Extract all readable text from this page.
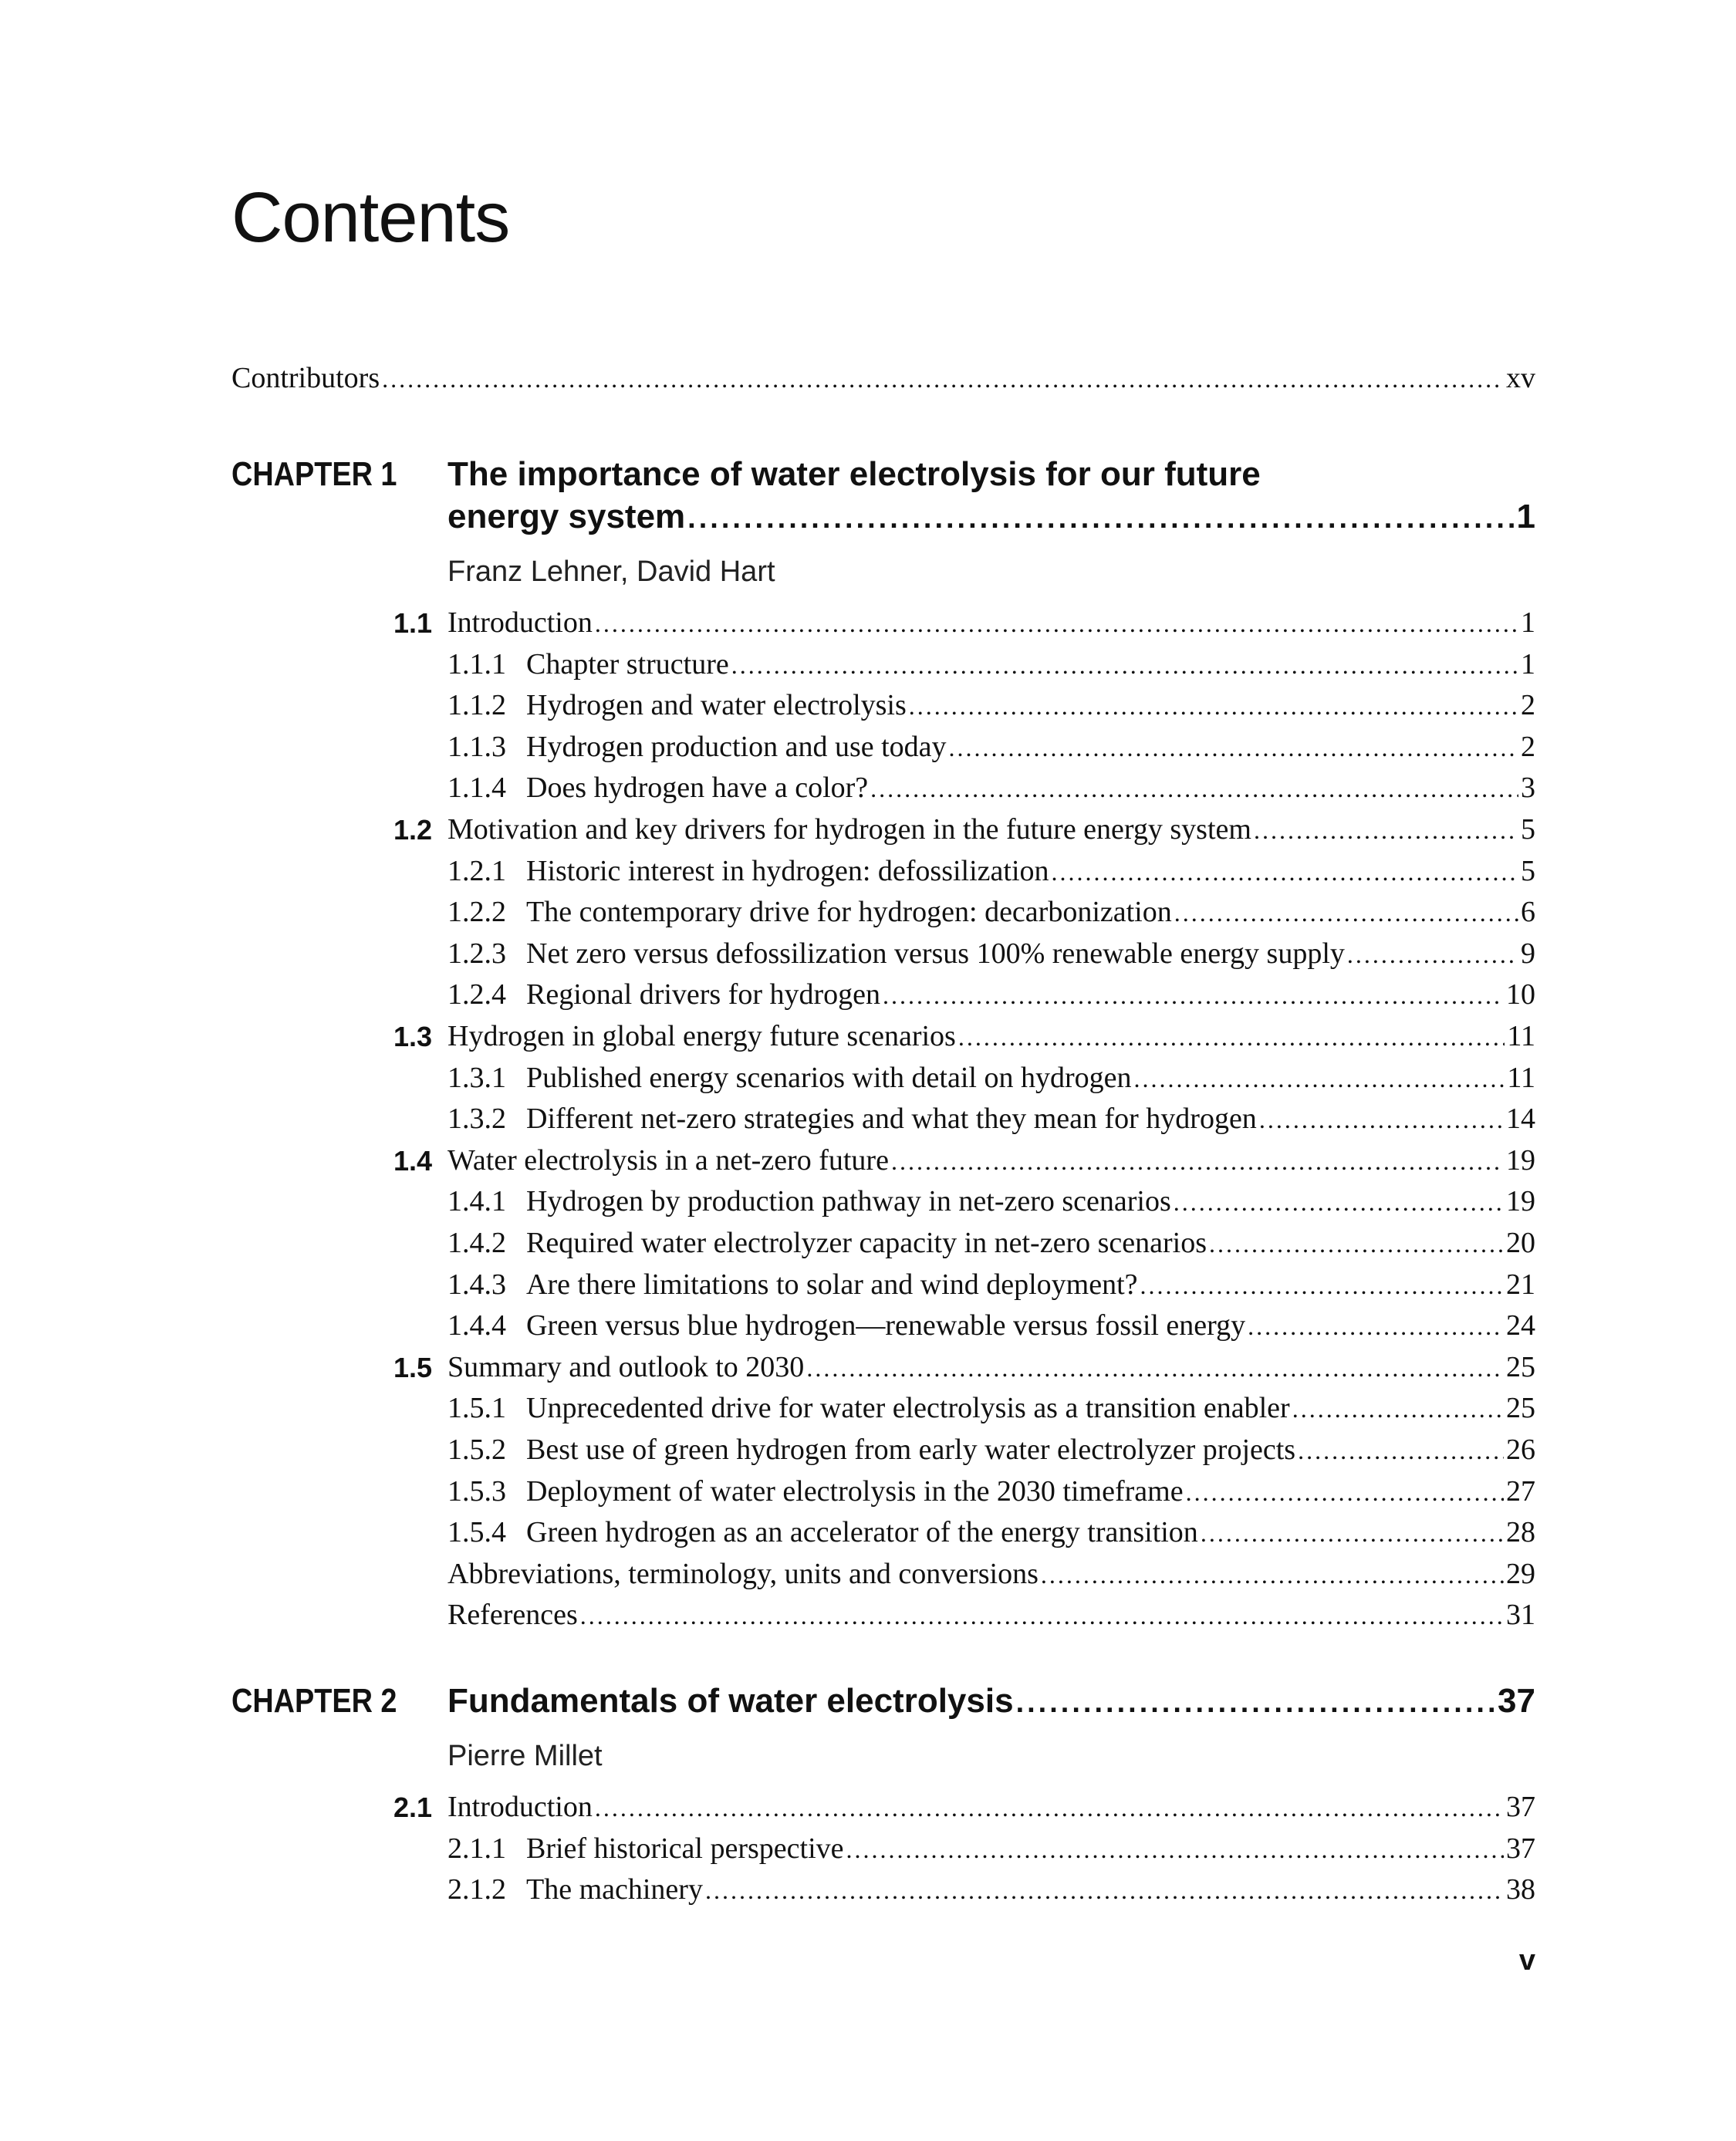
Contents
Contributors .....	xv
CHAPTER 1 The importance of water electrolysis for our future
energy system .....	1
Franz Lehner, David Hart
1.1 Introduction .....	1
1.1.1 Chapter structure .....	1
1.1.2 Hydrogen and water electrolysis .....	2
1.1.3 Hydrogen production and use today .....	2
1.1.4 Does hydrogen have a color? .....	3
1.2 Motivation and key drivers for hydrogen in the future energy system .....	5
1.2.1 Historic interest in hydrogen: defossilization .....	5
1.2.2 The contemporary drive for hydrogen: decarbonization .....	6
1.2.3 Net zero versus defossilization versus 100% renewable energy supply .....	9
1.2.4 Regional drivers for hydrogen .....	10
1.3 Hydrogen in global energy future scenarios .....	11
1.3.1 Published energy scenarios with detail on hydrogen .....	11
1.3.2 Different net-zero strategies and what they mean for hydrogen .....	14
1.4 Water electrolysis in a net-zero future .....	19
1.4.1 Hydrogen by production pathway in net-zero scenarios .....	19
1.4.2 Required water electrolyzer capacity in net-zero scenarios .....	20
1.4.3 Are there limitations to solar and wind deployment? .....	21
1.4.4 Green versus blue hydrogen—renewable versus fossil energy .....	24
1.5 Summary and outlook to 2030 .....	25
1.5.1 Unprecedented drive for water electrolysis as a transition enabler .....	25
1.5.2 Best use of green hydrogen from early water electrolyzer projects .....	26
1.5.3 Deployment of water electrolysis in the 2030 timeframe .....	27
1.5.4 Green hydrogen as an accelerator of the energy transition .....	28
Abbreviations, terminology, units and conversions .....	29
References .....	31
CHAPTER 2 Fundamentals of water electrolysis .....	37
Pierre Millet
2.1 Introduction .....	37
2.1.1 Brief historical perspective .....	37
2.1.2 The machinery .....	38
v
